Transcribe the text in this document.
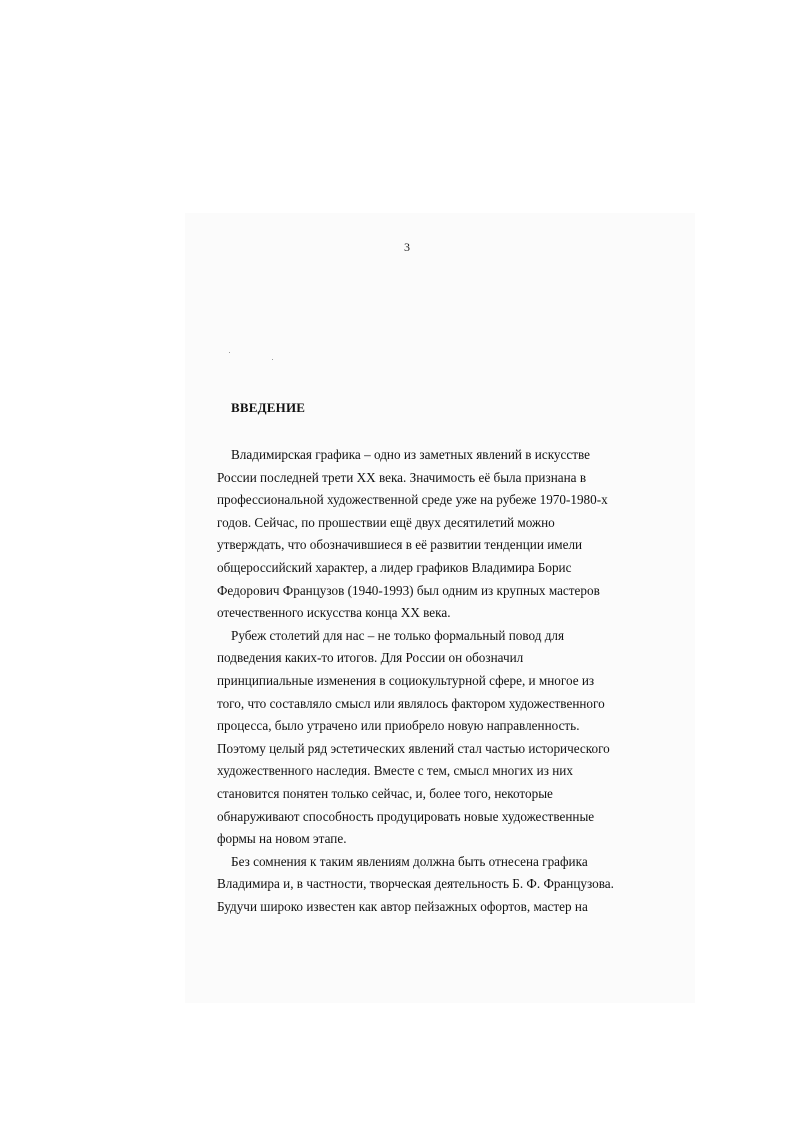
3
ВВЕДЕНИЕ
Владимирская графика – одно из заметных явлений в искусстве
России последней трети XX века. Значимость её была признана в
профессиональной художественной среде уже на рубеже 1970-1980-х
годов. Сейчас, по прошествии ещё двух десятилетий можно
утверждать, что обозначившиеся в её развитии тенденции имели
общероссийский характер, а лидер графиков Владимира Борис
Федорович Французов (1940-1993) был одним из крупных мастеров
отечественного искусства конца XX века.
Рубеж столетий для нас – не только формальный повод для
подведения каких-то итогов. Для России он обозначил
принципиальные изменения в социокультурной сфере, и многое из
того, что составляло смысл или являлось фактором художественного
процесса, было утрачено или приобрело новую направленность.
Поэтому целый ряд эстетических явлений стал частью исторического
художественного наследия. Вместе с тем, смысл многих из них
становится понятен только сейчас, и, более того, некоторые
обнаруживают способность продуцировать новые художественные
формы на новом этапе.
Без сомнения к таким явлениям должна быть отнесена графика
Владимира и, в частности, творческая деятельность Б. Ф. Французова.
Будучи широко известен как автор пейзажных офортов, мастер на
